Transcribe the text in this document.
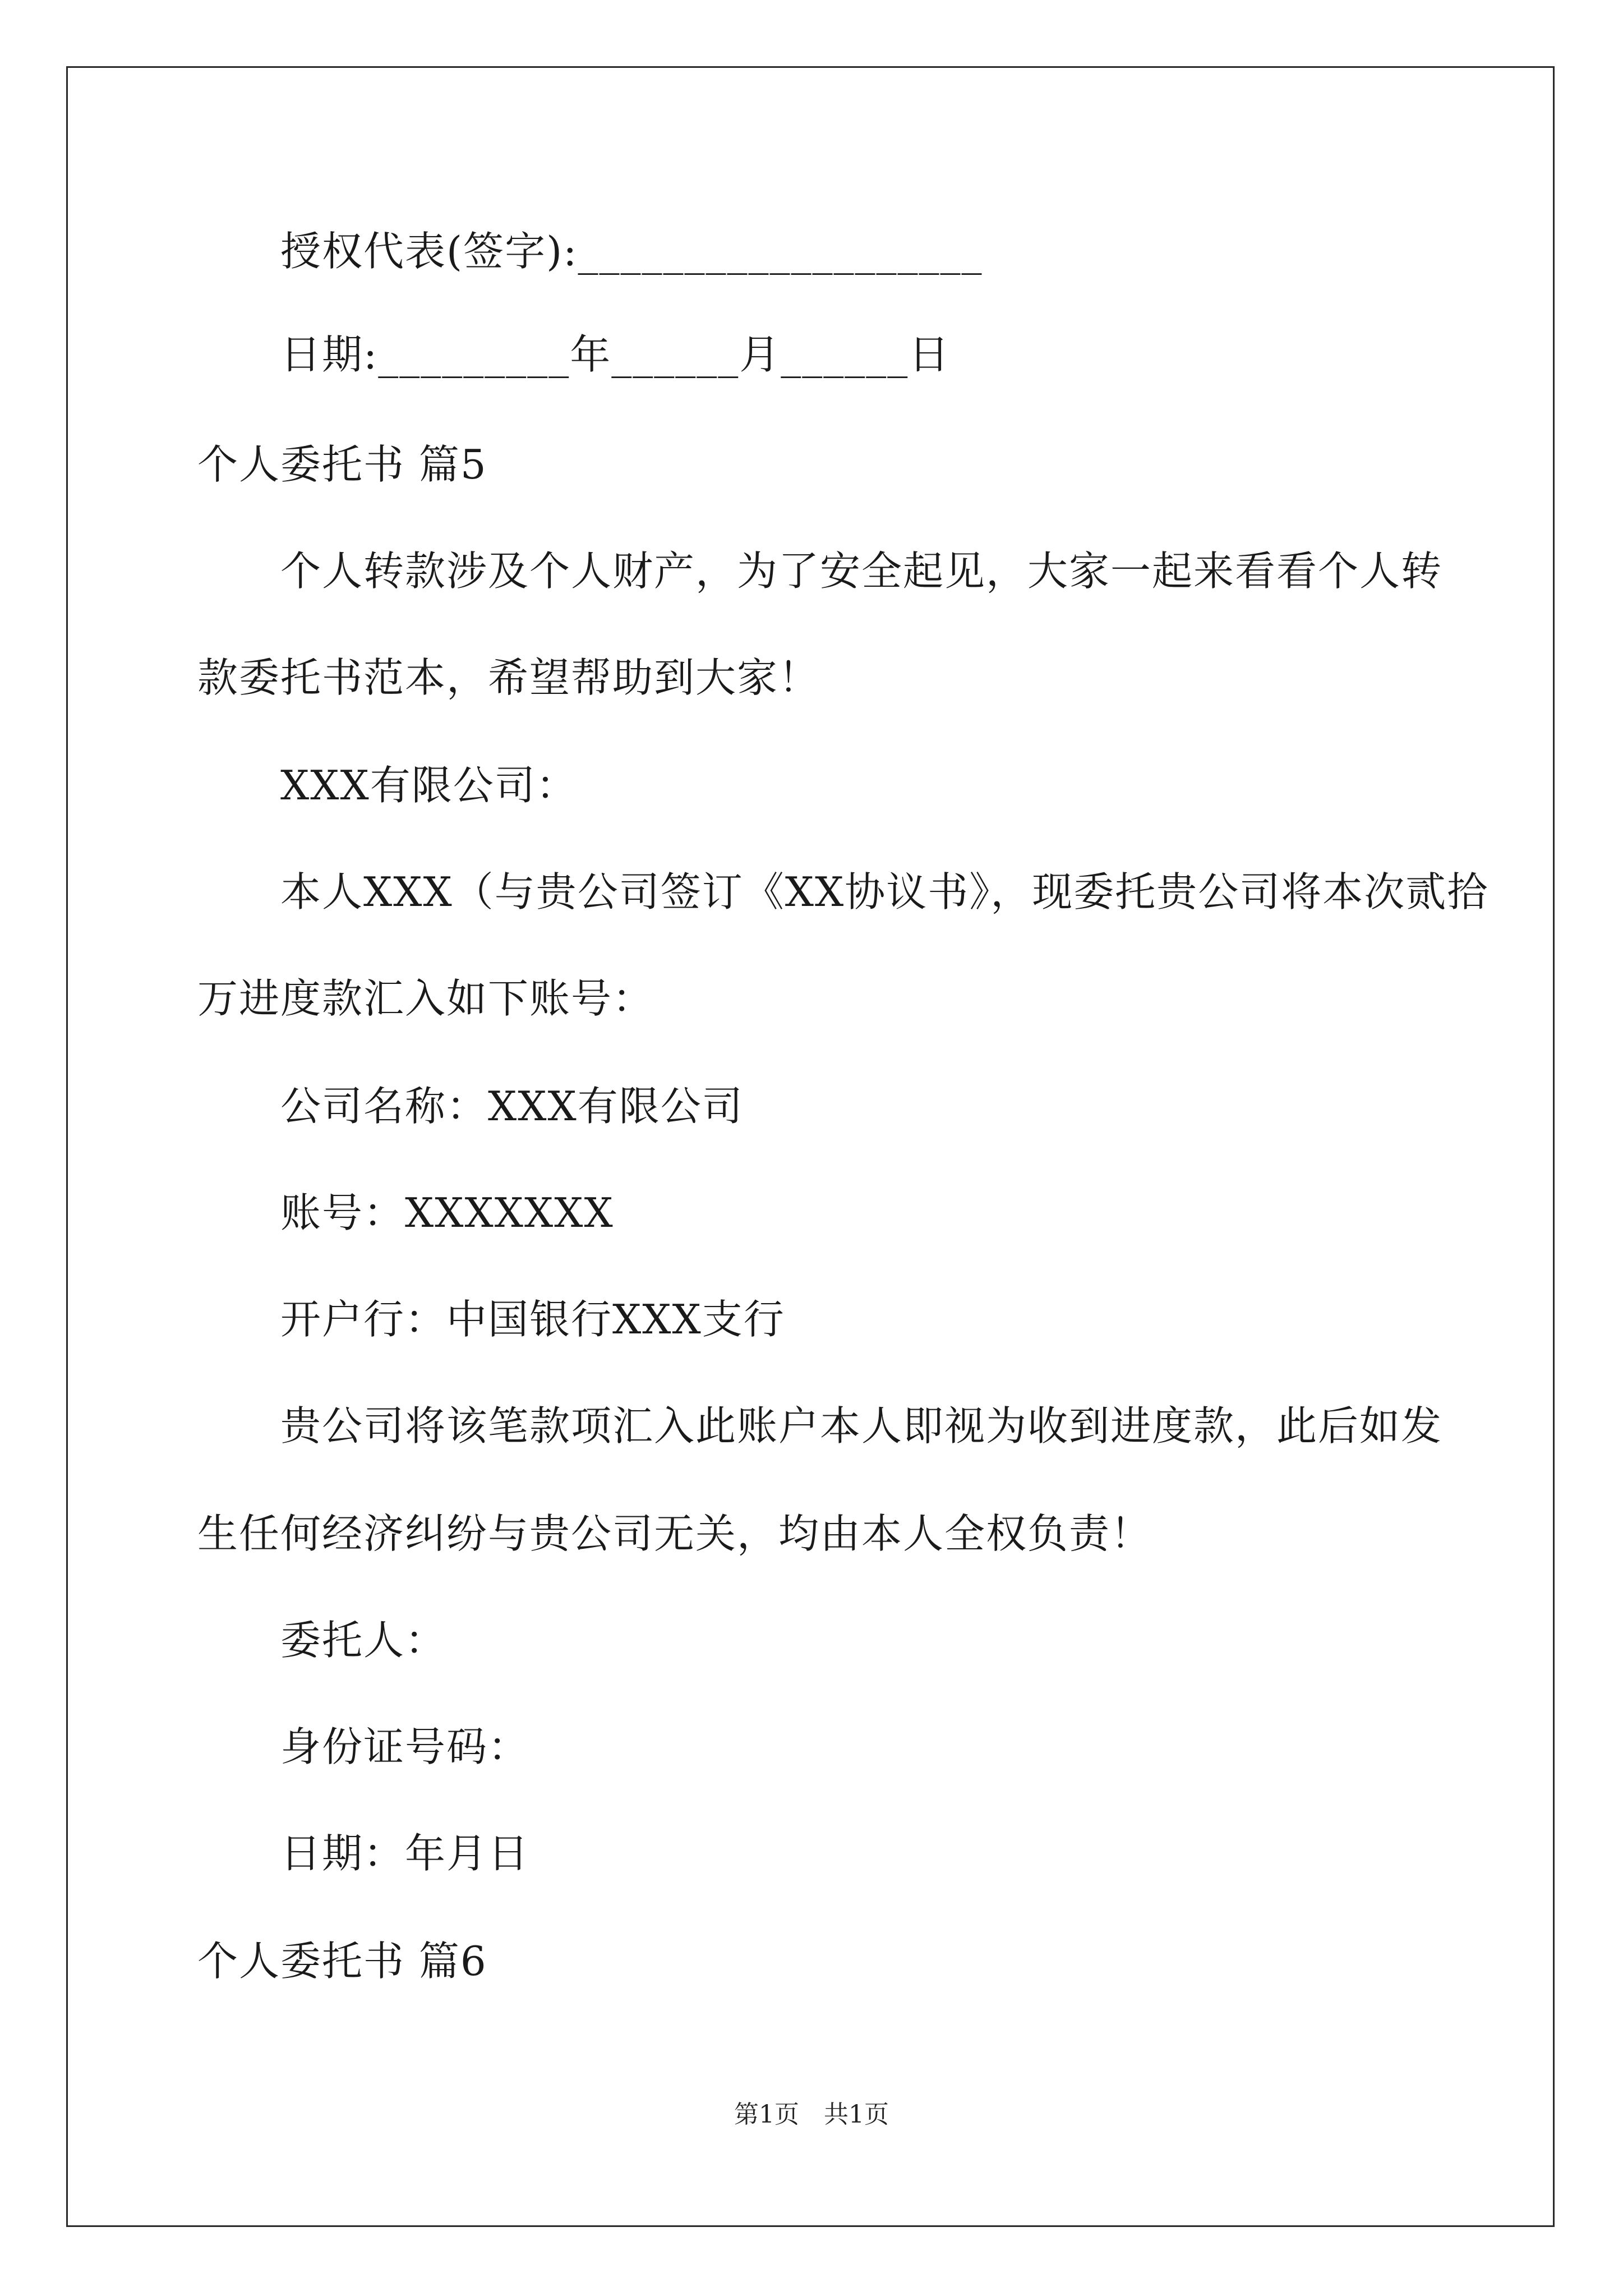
授权代表(签字):___________________
日期:_________年______月______日
个人委托书 篇5
个人转款涉及个人财产，为了安全起见，大家一起来看看个人转
款委托书范本，希望帮助到大家！
XXX有限公司：
本人XXX（与贵公司签订《XX协议书》，现委托贵公司将本次贰拾
万进度款汇入如下账号：
公司名称：XXX有限公司
账号：XXXXXXX
开户行：中国银行XXX支行
贵公司将该笔款项汇入此账户本人即视为收到进度款，此后如发
生任何经济纠纷与贵公司无关，均由本人全权负责！
委托人：
身份证号码：
日期：年月日
个人委托书 篇6
第1页　共1页
